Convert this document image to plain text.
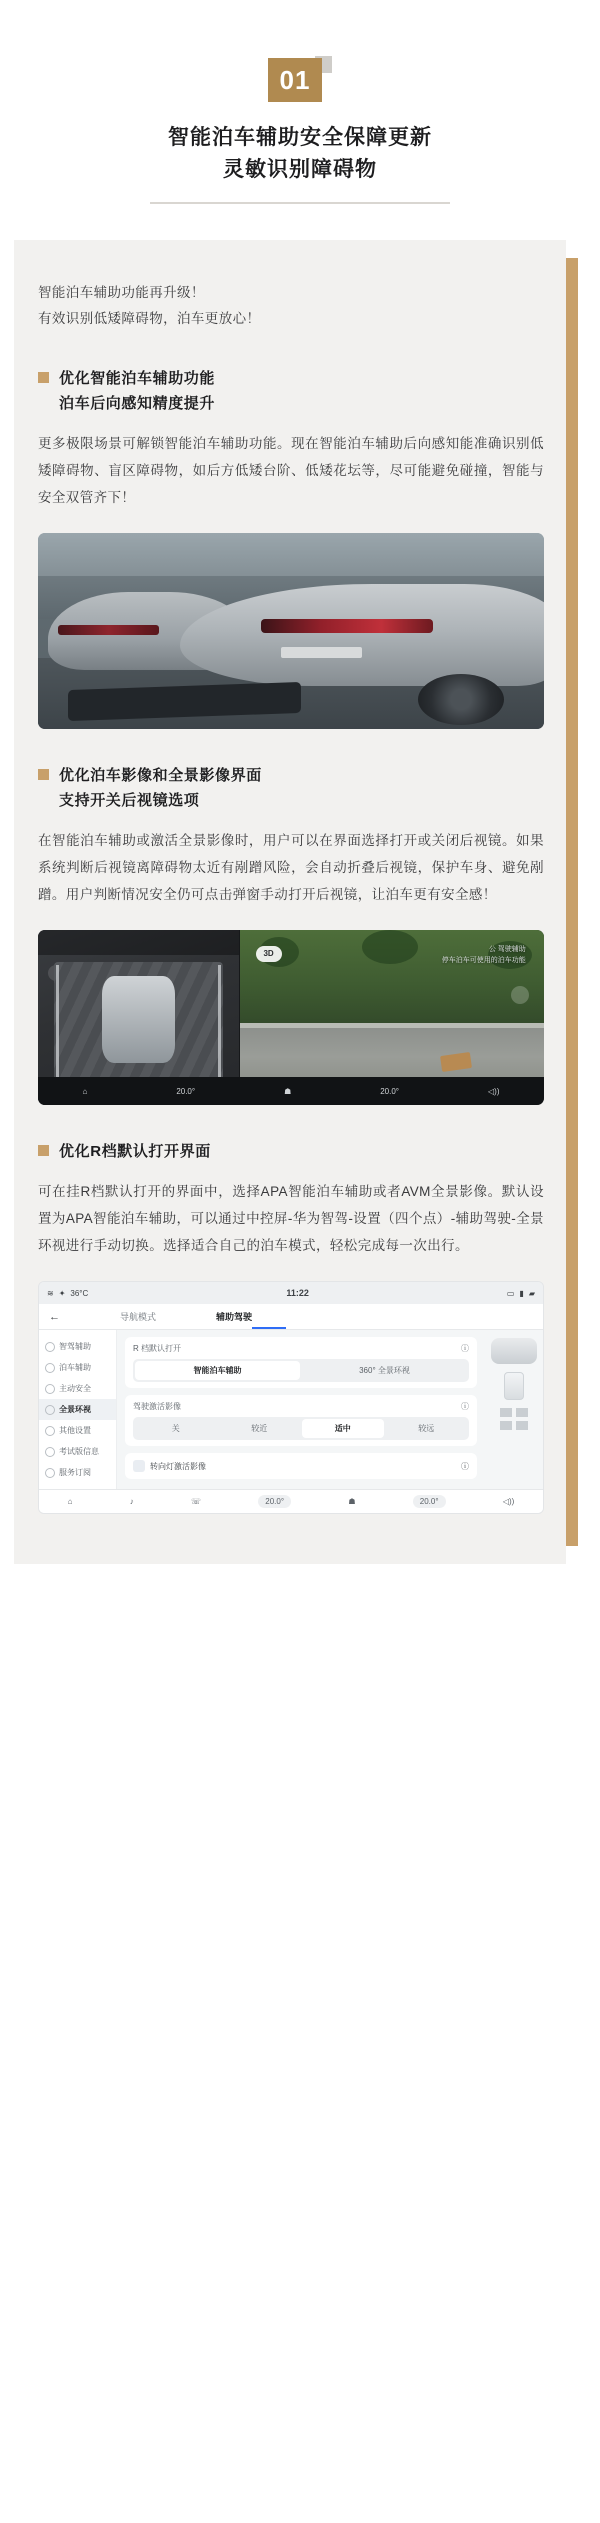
01
智能泊车辅助安全保障更新
灵敏识别障碍物

智能泊车辅助功能再升级！

有效识别低矮障碍物，泊车更放心！

优化智能泊车辅助功能
泊车后向感知精度提升
更多极限场景可解锁智能泊车辅助功能。现在智能泊车辅助后向感知能准确识别低矮障碍物、盲区障碍物，如后方低矮台阶、低矮花坛等，尽可能避免碰撞，智能与安全双管齐下！
优化泊车影像和全景影像界面
支持开关后视镜选项
在智能泊车辅助或激活全景影像时，用户可以在界面选择打开或关闭后视镜。如果系统判断后视镜离障碍物太近有剐蹭风险，会自动折叠后视镜，保护车身、避免剐蹭。用户判断情况安全仍可点击弹窗手动打开后视镜，让泊车更有安全感！
3D	公 驾驶辅助
停车泊车可使用的泊车功能
⌂	20.0°	☗	20.0°	◁))
优化R档默认打开界面
可在挂R档默认打开的界面中，选择APA智能泊车辅助或者AVM全景影像。默认设置为APA智能泊车辅助，可以通过中控屏-华为智驾-设置（四个点）-辅助驾驶-全景环视进行手动切换。选择适合自己的泊车模式，轻松完成每一次出行。
≋ ✦ 36°C	11:22	▭ ▮ ▰
←	导航模式	辅助驾驶
智驾辅助
泊车辅助
主动安全
全景环视
其他设置
考试版信息
服务订阅
R 档默认打开	ⓘ
智能泊车辅助	360° 全景环视
驾驶激活影像	ⓘ
关	较近	适中	较远
转向灯激活影像	ⓘ
⌂	♪	☏	20.0°	☗	20.0°	◁))
